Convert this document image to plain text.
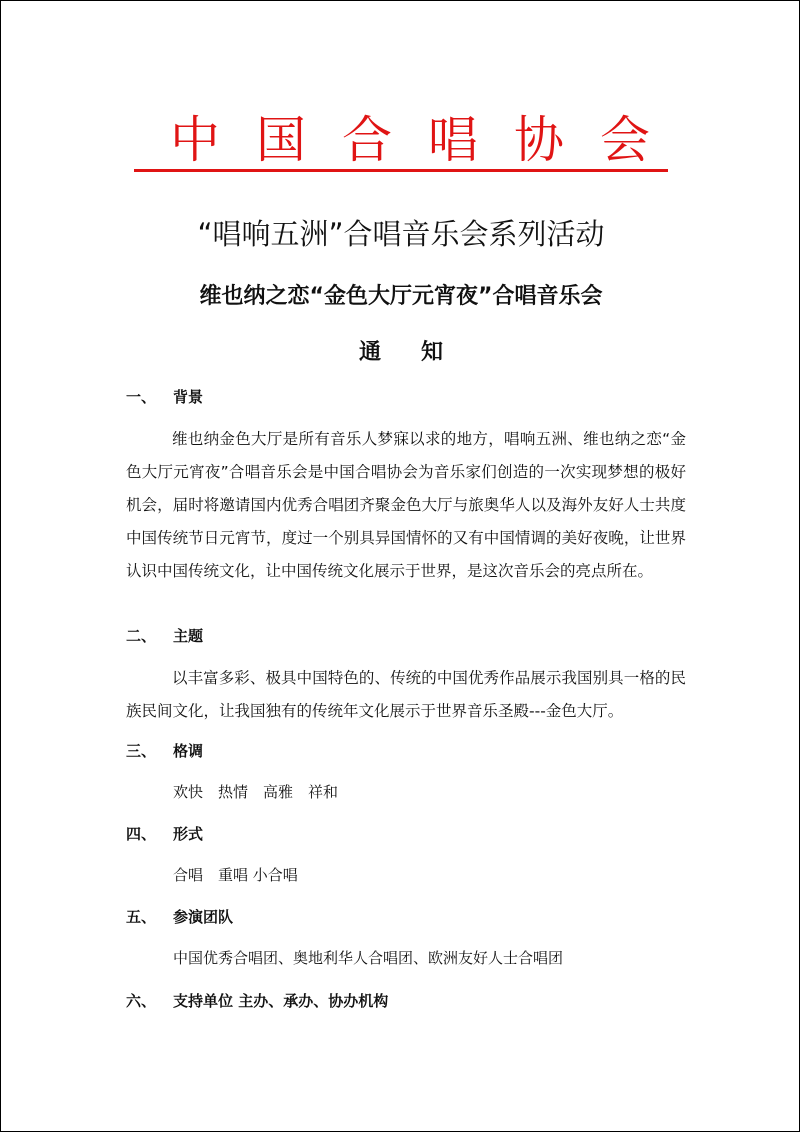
中国合唱协会
“唱响五洲”合唱音乐会系列活动
维也纳之恋“金色大厅元宵夜”合唱音乐会
通知
一、 背景
维也纳金色大厅是所有音乐人梦寐以求的地方，唱响五洲、维也纳之恋“金色大厅元宵夜”合唱音乐会是中国合唱协会为音乐家们创造的一次实现梦想的极好机会，届时将邀请国内优秀合唱团齐聚金色大厅与旅奥华人以及海外友好人士共度中国传统节日元宵节，度过一个别具异国情怀的又有中国情调的美好夜晚，让世界认识中国传统文化，让中国传统文化展示于世界，是这次音乐会的亮点所在。
二、 主题
以丰富多彩、极具中国特色的、传统的中国优秀作品展示我国别具一格的民族民间文化，让我国独有的传统年文化展示于世界音乐圣殿---金色大厅。
三、 格调
欢快　热情　高雅　祥和
四、 形式
合唱　重唱 小合唱
五、 参演团队
中国优秀合唱团、奥地利华人合唱团、欧洲友好人士合唱团
六、 支持单位 主办、承办、协办机构
